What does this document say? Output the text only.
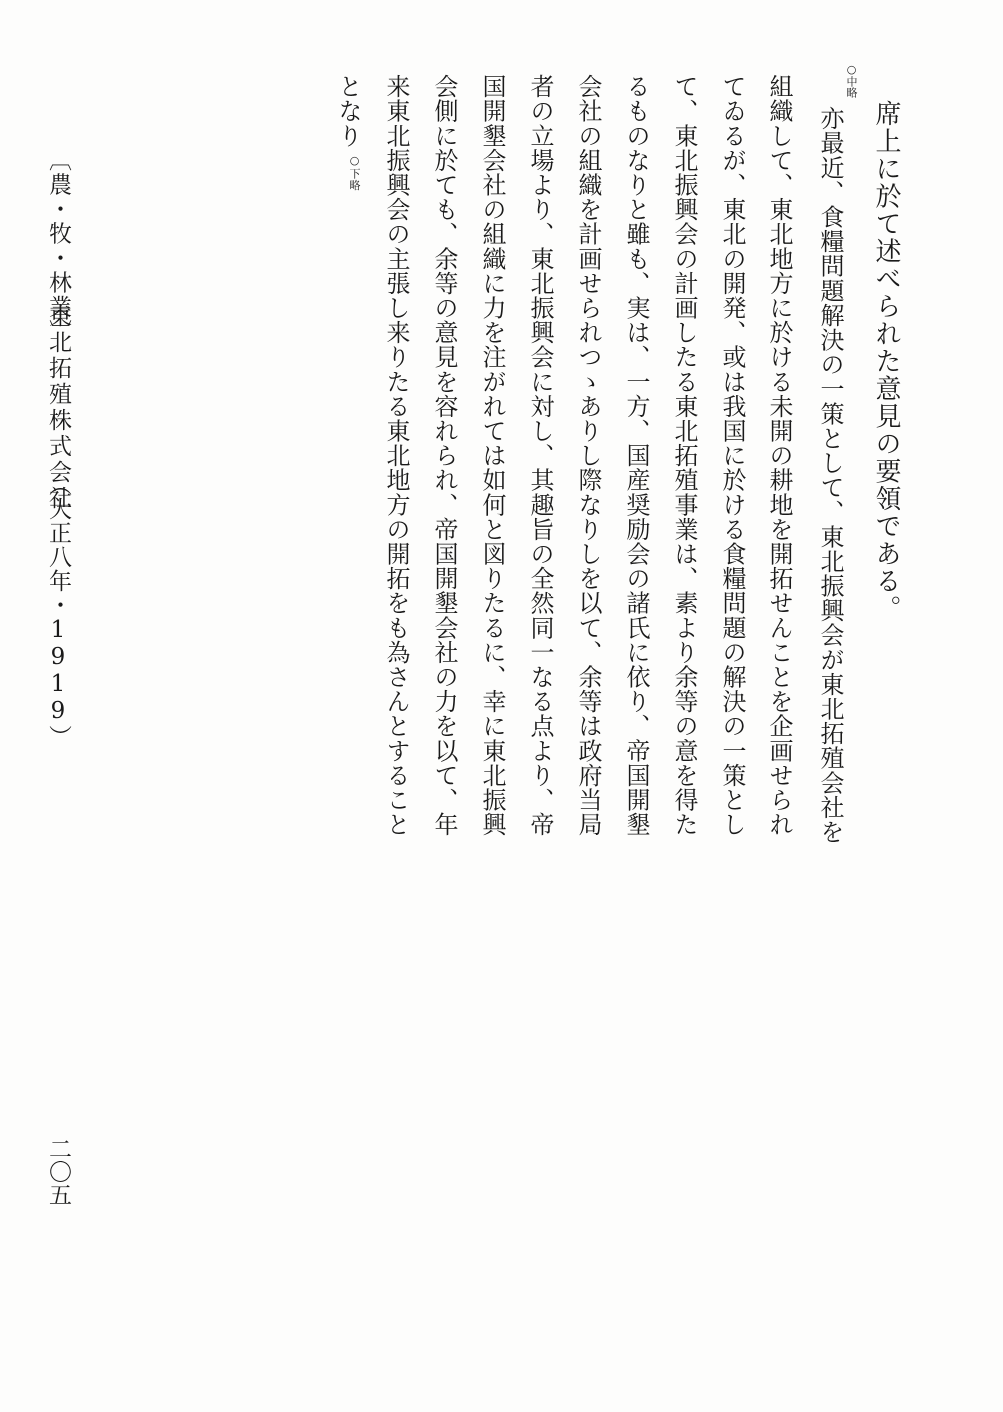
席上に於て述べられた意見の要領である。
○中略
亦最近、食糧問題解決の一策として、東北振興会が東北拓殖会社を
組織して、東北地方に於ける未開の耕地を開拓せんことを企画せられ
てゐるが、東北の開発、或は我国に於ける食糧問題の解決の一策とし
て、東北振興会の計画したる東北拓殖事業は、素より余等の意を得た
るものなりと雖も、実は、一方、国産奨励会の諸氏に依り、帝国開墾
会社の組織を計画せられつゝありし際なりしを以て、余等は政府当局
者の立場より、東北振興会に対し、其趣旨の全然同一なる点より、帝
国開墾会社の組織に力を注がれては如何と図りたるに、幸に東北振興
会側に於ても、余等の意見を容れられ、帝国開墾会社の力を以て、年
来東北振興会の主張し来りたる東北地方の開拓をも為さんとすること
となり○下略
〔農・牧・林業〕
東北拓殖株式会社
（大正八年・1919）
二〇五
